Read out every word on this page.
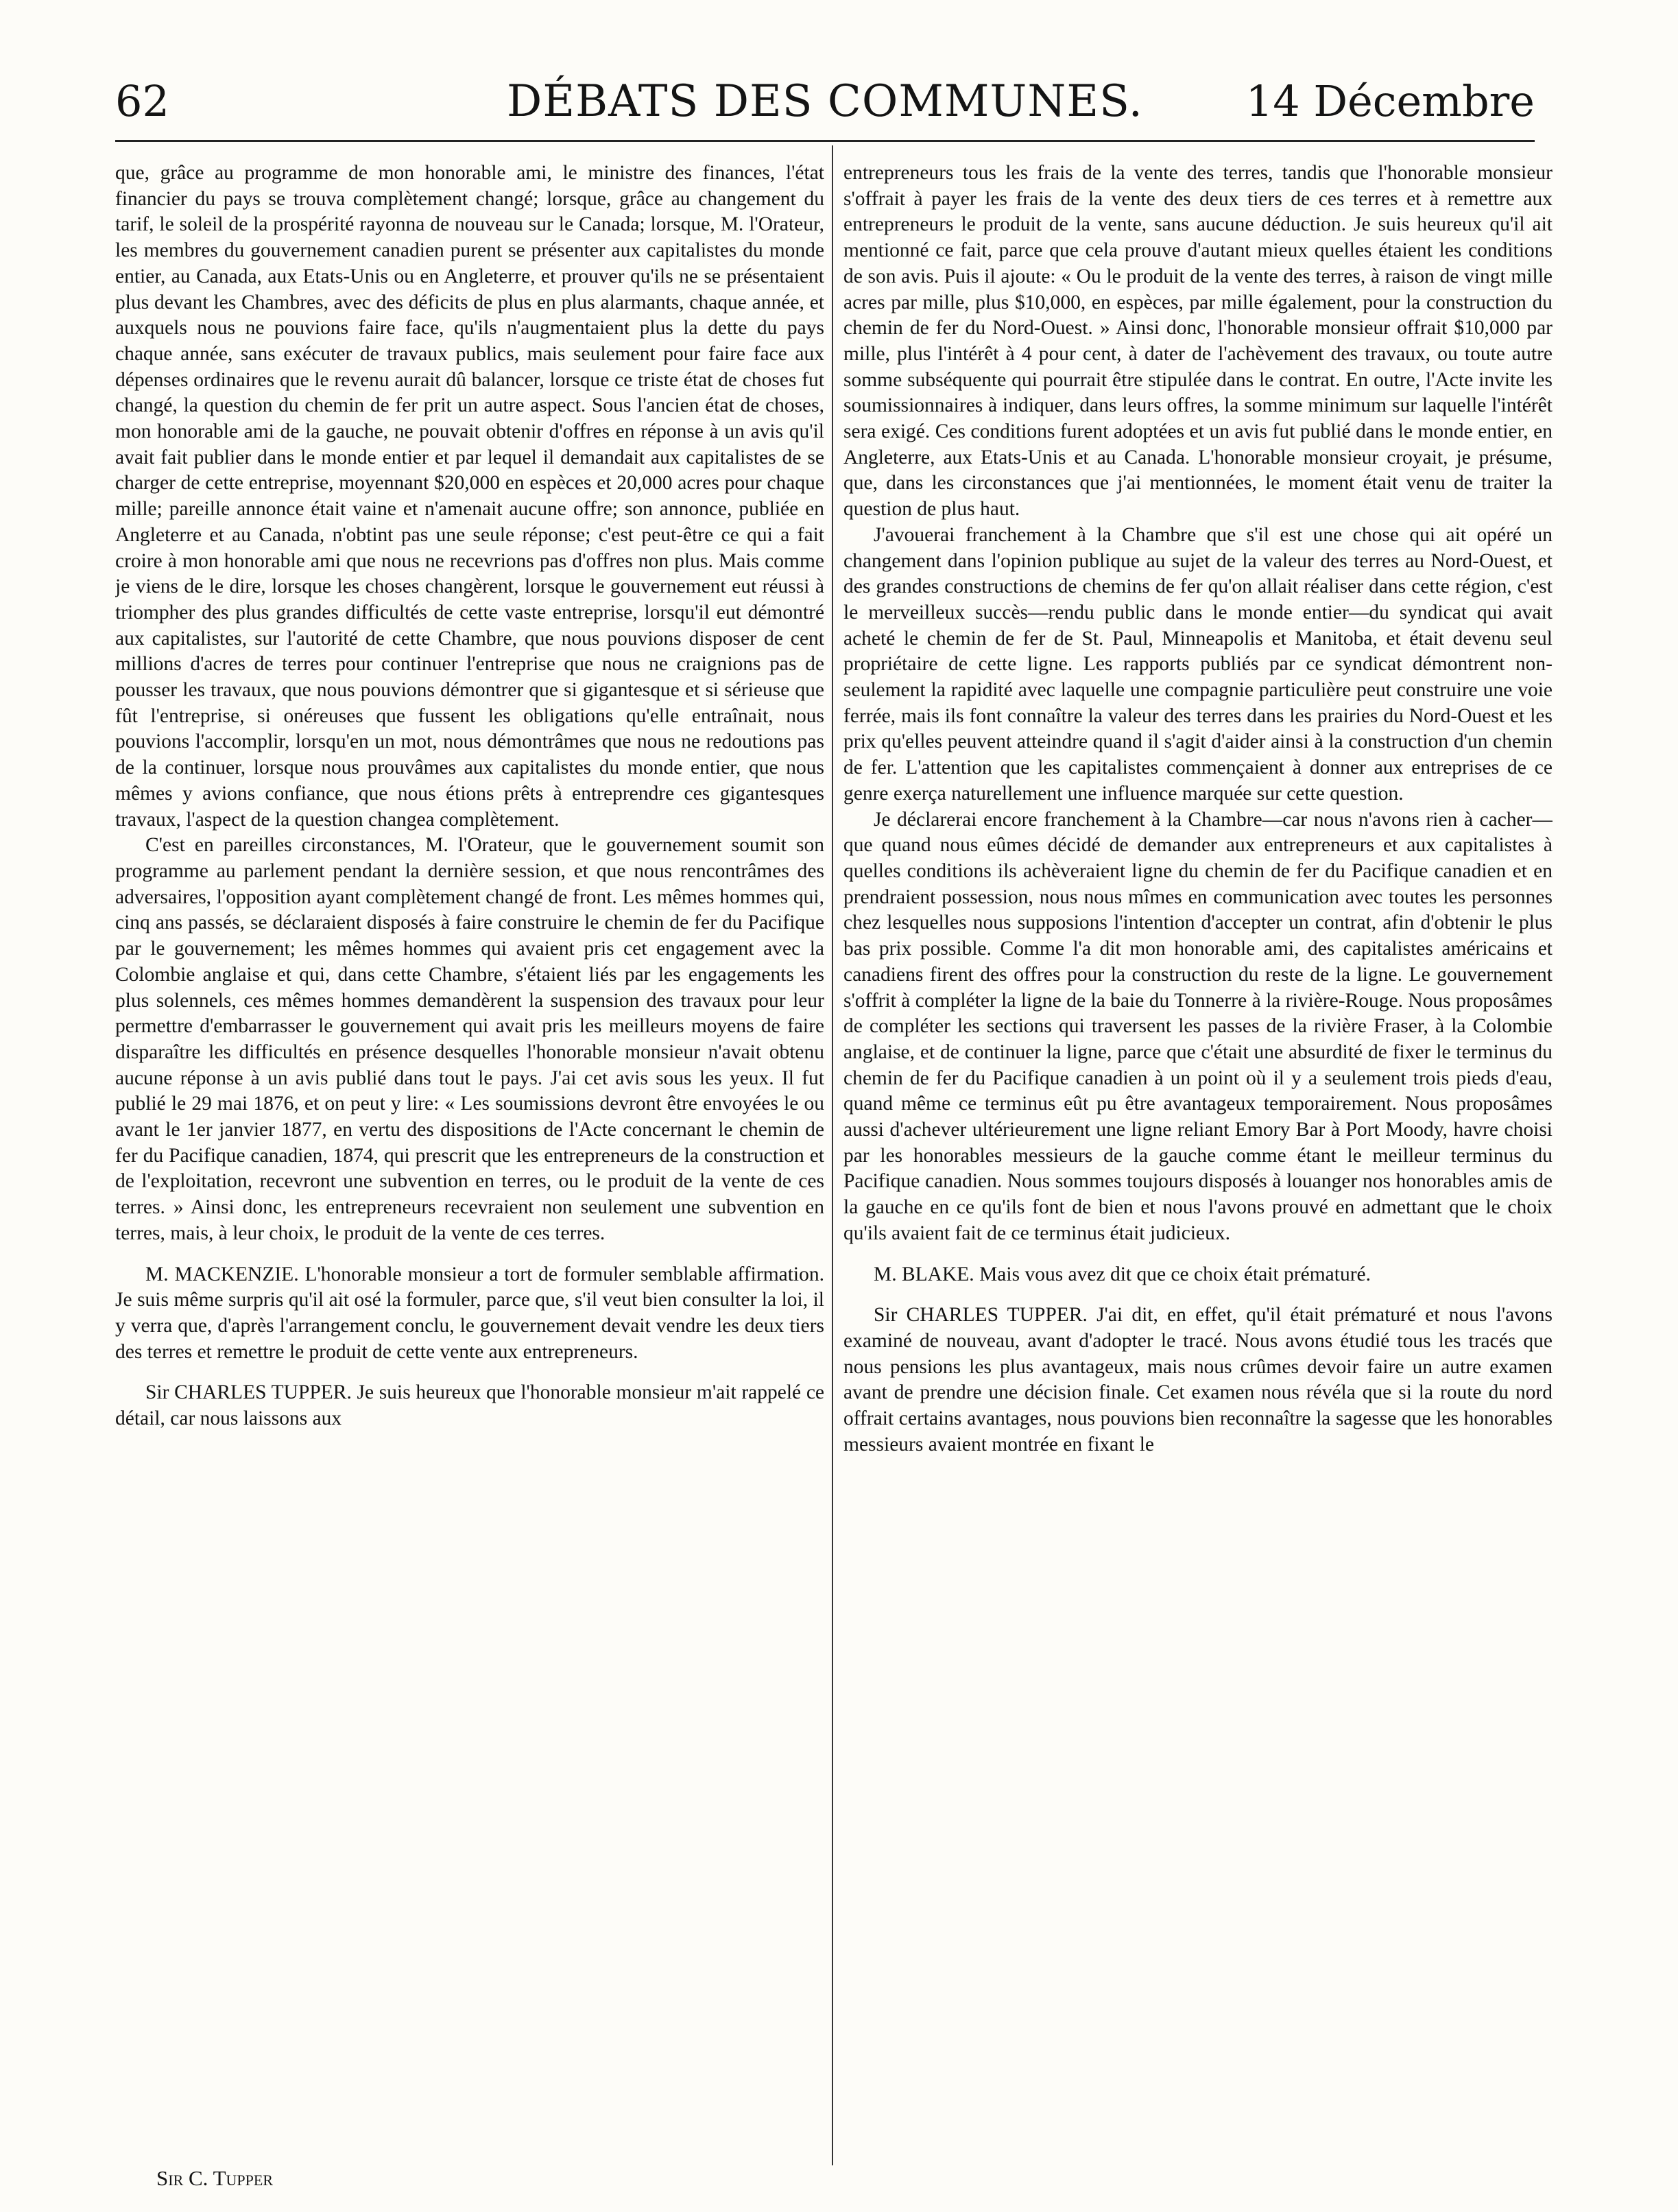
62	DÉBATS DES COMMUNES.	14 Décembre

que, grâce au programme de mon honorable ami, le ministre des finances, l'état financier du pays se trouva complètement changé; lorsque, grâce au changement du tarif, le soleil de la prospérité rayonna de nouveau sur le Canada; lorsque, M. l'Orateur, les membres du gouvernement canadien purent se présenter aux capitalistes du monde entier, au Canada, aux Etats-Unis ou en Angleterre, et prouver qu'ils ne se présentaient plus devant les Chambres, avec des déficits de plus en plus alarmants, chaque année, et auxquels nous ne pouvions faire face, qu'ils n'augmentaient plus la dette du pays chaque année, sans exécuter de travaux publics, mais seulement pour faire face aux dépenses ordinaires que le revenu aurait dû balancer, lorsque ce triste état de choses fut changé, la question du chemin de fer prit un autre aspect. Sous l'ancien état de choses, mon honorable ami de la gauche, ne pouvait obtenir d'offres en réponse à un avis qu'il avait fait publier dans le monde entier et par lequel il demandait aux capitalistes de se charger de cette entreprise, moyennant $20,000 en espèces et 20,000 acres pour chaque mille; pareille annonce était vaine et n'amenait aucune offre; son annonce, publiée en Angleterre et au Canada, n'obtint pas une seule réponse; c'est peut-être ce qui a fait croire à mon honorable ami que nous ne recevrions pas d'offres non plus. Mais comme je viens de le dire, lorsque les choses changèrent, lorsque le gouvernement eut réussi à triompher des plus grandes difficultés de cette vaste entreprise, lorsqu'il eut démontré aux capitalistes, sur l'autorité de cette Chambre, que nous pouvions disposer de cent millions d'acres de terres pour continuer l'entreprise que nous ne craignions pas de pousser les travaux, que nous pouvions démontrer que si gigantesque et si sérieuse que fût l'entreprise, si onéreuses que fussent les obligations qu'elle entraînait, nous pouvions l'accomplir, lorsqu'en un mot, nous démontrâmes que nous ne redoutions pas de la continuer, lorsque nous prouvâmes aux capitalistes du monde entier, que nous mêmes y avions confiance, que nous étions prêts à entreprendre ces gigantesques travaux, l'aspect de la question changea complètement.

C'est en pareilles circonstances, M. l'Orateur, que le gouvernement soumit son programme au parlement pendant la dernière session, et que nous rencontrâmes des adversaires, l'opposition ayant complètement changé de front. Les mêmes hommes qui, cinq ans passés, se déclaraient disposés à faire construire le chemin de fer du Pacifique par le gouvernement; les mêmes hommes qui avaient pris cet engagement avec la Colombie anglaise et qui, dans cette Chambre, s'étaient liés par les engagements les plus solennels, ces mêmes hommes demandèrent la suspension des travaux pour leur permettre d'embarrasser le gouvernement qui avait pris les meilleurs moyens de faire disparaître les difficultés en présence desquelles l'honorable monsieur n'avait obtenu aucune réponse à un avis publié dans tout le pays. J'ai cet avis sous les yeux. Il fut publié le 29 mai 1876, et on peut y lire: « Les soumissions devront être envoyées le ou avant le 1er janvier 1877, en vertu des dispositions de l'Acte concernant le chemin de fer du Pacifique canadien, 1874, qui prescrit que les entrepreneurs de la construction et de l'exploitation, recevront une subvention en terres, ou le produit de la vente de ces terres. » Ainsi donc, les entrepreneurs recevraient non seulement une subvention en terres, mais, à leur choix, le produit de la vente de ces terres.

M. MACKENZIE. L'honorable monsieur a tort de formuler semblable affirmation. Je suis même surpris qu'il ait osé la formuler, parce que, s'il veut bien consulter la loi, il y verra que, d'après l'arrangement conclu, le gouvernement devait vendre les deux tiers des terres et remettre le produit de cette vente aux entrepreneurs.

Sir CHARLES TUPPER. Je suis heureux que l'honorable monsieur m'ait rappelé ce détail, car nous laissons aux

entrepreneurs tous les frais de la vente des terres, tandis que l'honorable monsieur s'offrait à payer les frais de la vente des deux tiers de ces terres et à remettre aux entrepreneurs le produit de la vente, sans aucune déduction. Je suis heureux qu'il ait mentionné ce fait, parce que cela prouve d'autant mieux quelles étaient les conditions de son avis. Puis il ajoute: « Ou le produit de la vente des terres, à raison de vingt mille acres par mille, plus $10,000, en espèces, par mille également, pour la construction du chemin de fer du Nord-Ouest. » Ainsi donc, l'honorable monsieur offrait $10,000 par mille, plus l'intérêt à 4 pour cent, à dater de l'achèvement des travaux, ou toute autre somme subséquente qui pourrait être stipulée dans le contrat. En outre, l'Acte invite les soumissionnaires à indiquer, dans leurs offres, la somme minimum sur laquelle l'intérêt sera exigé. Ces conditions furent adoptées et un avis fut publié dans le monde entier, en Angleterre, aux Etats-Unis et au Canada. L'honorable monsieur croyait, je présume, que, dans les circonstances que j'ai mentionnées, le moment était venu de traiter la question de plus haut.

J'avouerai franchement à la Chambre que s'il est une chose qui ait opéré un changement dans l'opinion publique au sujet de la valeur des terres au Nord-Ouest, et des grandes constructions de chemins de fer qu'on allait réaliser dans cette région, c'est le merveilleux succès—rendu public dans le monde entier—du syndicat qui avait acheté le chemin de fer de St. Paul, Minneapolis et Manitoba, et était devenu seul propriétaire de cette ligne. Les rapports publiés par ce syndicat démontrent non-seulement la rapidité avec laquelle une compagnie particulière peut construire une voie ferrée, mais ils font connaître la valeur des terres dans les prairies du Nord-Ouest et les prix qu'elles peuvent atteindre quand il s'agit d'aider ainsi à la construction d'un chemin de fer. L'attention que les capitalistes commençaient à donner aux entreprises de ce genre exerça naturellement une influence marquée sur cette question.

Je déclarerai encore franchement à la Chambre—car nous n'avons rien à cacher—que quand nous eûmes décidé de demander aux entrepreneurs et aux capitalistes à quelles conditions ils achèveraient ligne du chemin de fer du Pacifique canadien et en prendraient possession, nous nous mîmes en communication avec toutes les personnes chez lesquelles nous supposions l'intention d'accepter un contrat, afin d'obtenir le plus bas prix possible. Comme l'a dit mon honorable ami, des capitalistes américains et canadiens firent des offres pour la construction du reste de la ligne. Le gouvernement s'offrit à compléter la ligne de la baie du Tonnerre à la rivière-Rouge. Nous proposâmes de compléter les sections qui traversent les passes de la rivière Fraser, à la Colombie anglaise, et de continuer la ligne, parce que c'était une absurdité de fixer le terminus du chemin de fer du Pacifique canadien à un point où il y a seulement trois pieds d'eau, quand même ce terminus eût pu être avantageux temporairement. Nous proposâmes aussi d'achever ultérieurement une ligne reliant Emory Bar à Port Moody, havre choisi par les honorables messieurs de la gauche comme étant le meilleur terminus du Pacifique canadien. Nous sommes toujours disposés à louanger nos honorables amis de la gauche en ce qu'ils font de bien et nous l'avons prouvé en admettant que le choix qu'ils avaient fait de ce terminus était judicieux.

M. BLAKE. Mais vous avez dit que ce choix était prématuré.

Sir CHARLES TUPPER. J'ai dit, en effet, qu'il était prématuré et nous l'avons examiné de nouveau, avant d'adopter le tracé. Nous avons étudié tous les tracés que nous pensions les plus avantageux, mais nous crûmes devoir faire un autre examen avant de prendre une décision finale. Cet examen nous révéla que si la route du nord offrait certains avantages, nous pouvions bien reconnaître la sagesse que les honorables messieurs avaient montrée en fixant le

Sir C. Tupper
